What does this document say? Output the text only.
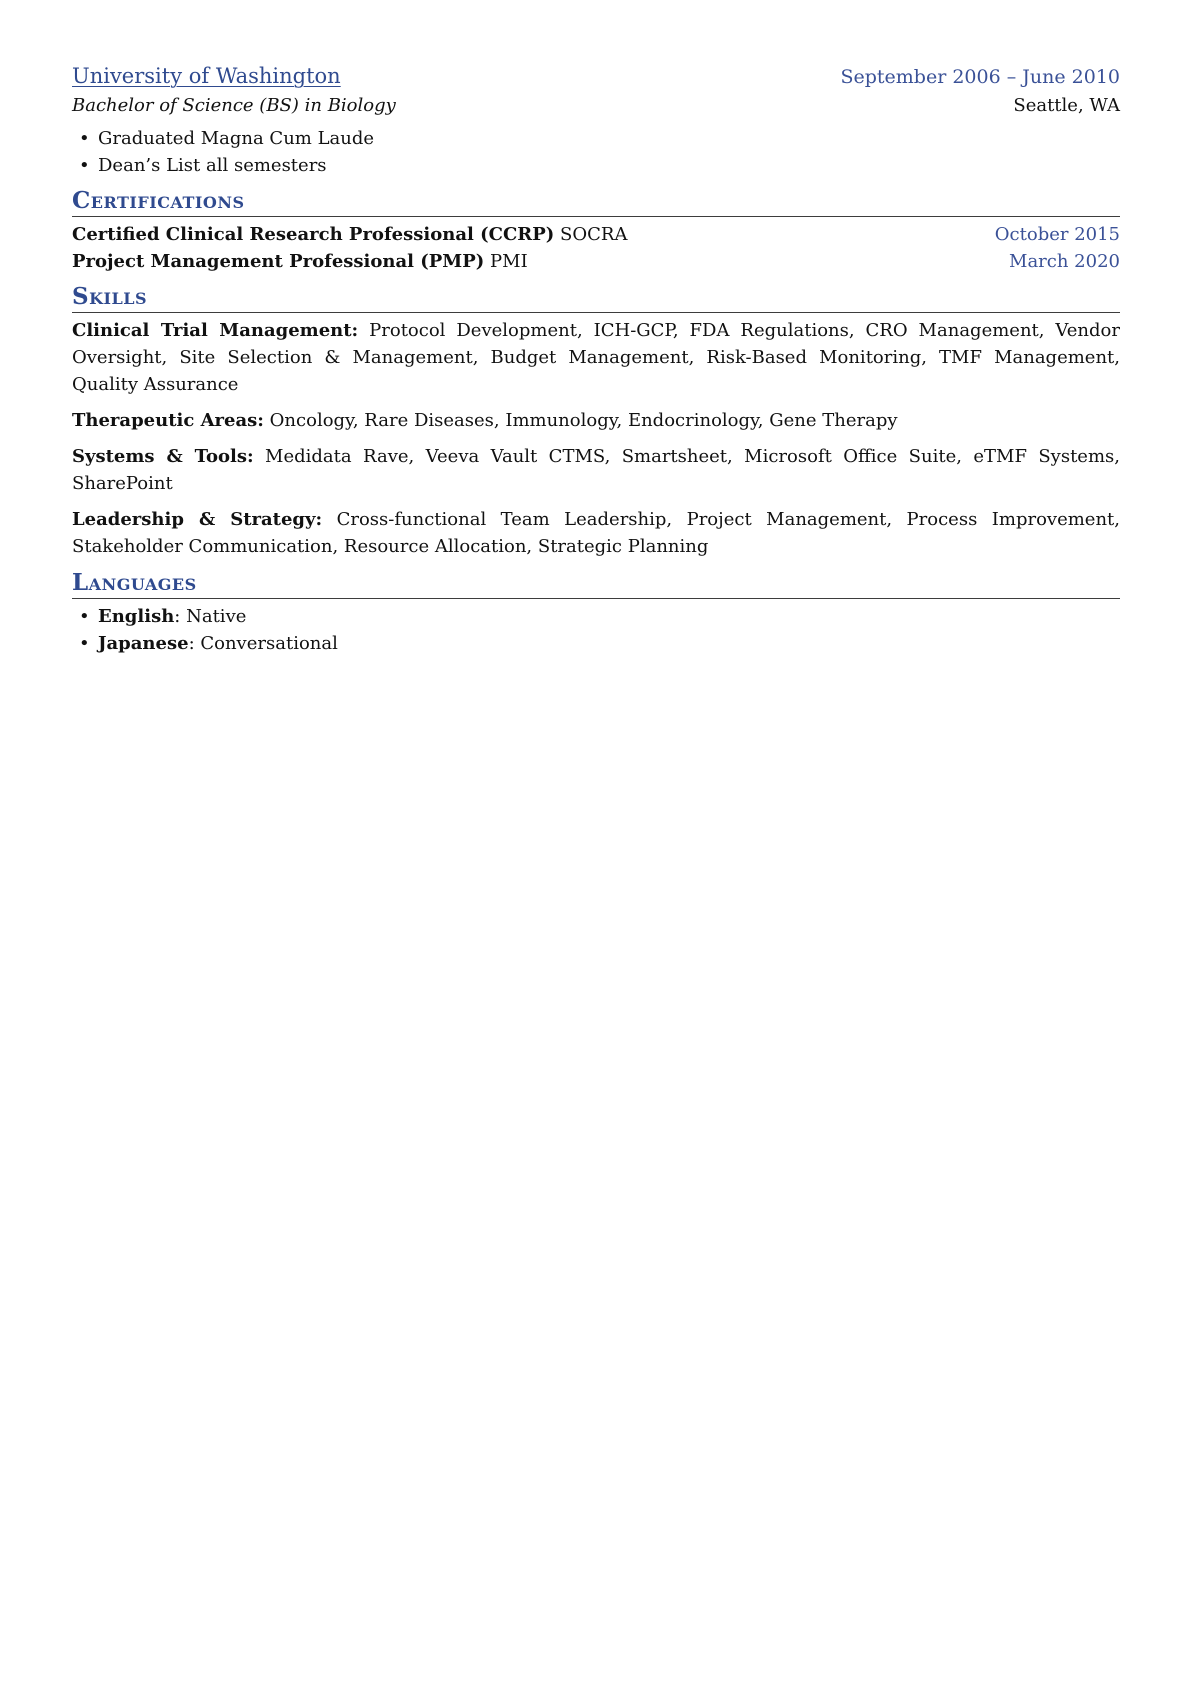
University of Washington	September 2006 – June 2010
Bachelor of Science (BS) in Biology	Seattle, WA
• Graduated Magna Cum Laude
• Dean’s List all semesters
Certifications
Certified Clinical Research Professional (CCRP) SOCRA	October 2015
Project Management Professional (PMP) PMI	March 2020
Skills
Clinical Trial Management: Protocol Development, ICH-GCP, FDA Regulations, CRO Management, Vendor Oversight, Site Selection & Management, Budget Management, Risk-Based Monitoring, TMF Management, Quality Assurance
Therapeutic Areas: Oncology, Rare Diseases, Immunology, Endocrinology, Gene Therapy
Systems & Tools: Medidata Rave, Veeva Vault CTMS, Smartsheet, Microsoft Office Suite, eTMF Systems, SharePoint
Leadership & Strategy: Cross-functional Team Leadership, Project Management, Process Improvement, Stakeholder Communication, Resource Allocation, Strategic Planning
Languages
• English: Native
• Japanese: Conversational
